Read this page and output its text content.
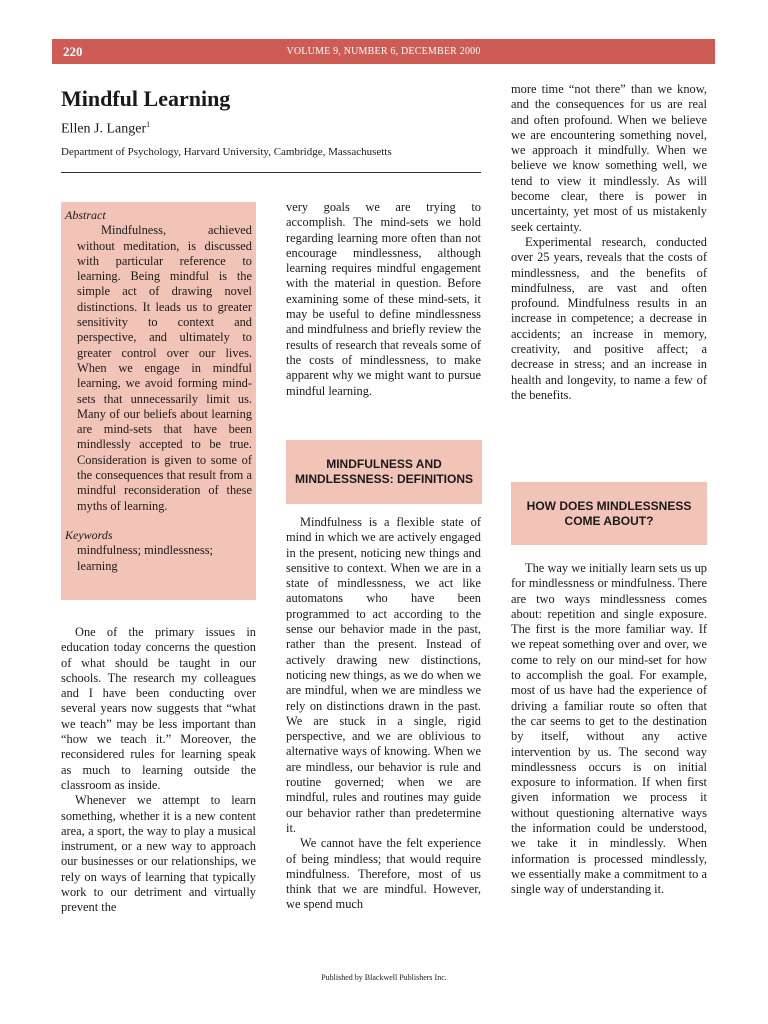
220	VOLUME 9, NUMBER 6, DECEMBER 2000
Mindful Learning
Ellen J. Langer$^1$
Department of Psychology, Harvard University, Cambridge, Massachusetts
Abstract

Mindfulness, achieved without meditation, is discussed with particular reference to learning. Being mindful is the simple act of drawing novel distinctions. It leads us to greater sensitivity to context and perspective, and ultimately to greater control over our lives. When we engage in mindful learning, we avoid forming mind-sets that unnecessarily limit us. Many of our beliefs about learning are mind-sets that have been mindlessly accepted to be true. Consideration is given to some of the consequences that result from a mindful reconsideration of these myths of learning.

Keywords

mindfulness; mindlessness; learning

One of the primary issues in education today concerns the question of what should be taught in our schools. The research my colleagues and I have been conducting over several years now suggests that “what we teach” may be less important than “how we teach it.” Moreover, the reconsidered rules for learning speak as much to learning outside the classroom as inside.

Whenever we attempt to learn something, whether it is a new content area, a sport, the way to play a musical instrument, or a new way to approach our businesses or our relationships, we rely on ways of learning that typically work to our detriment and virtually prevent the

very goals we are trying to accomplish. The mind-sets we hold regarding learning more often than not encourage mindlessness, although learning requires mindful engagement with the material in question. Before examining some of these mind-sets, it may be useful to define mindlessness and mindfulness and briefly review the results of research that reveals some of the costs of mindlessness, to make apparent why we might want to pursue mindful learning.

MINDFULNESS AND MINDLESSNESS: DEFINITIONS

Mindfulness is a flexible state of mind in which we are actively engaged in the present, noticing new things and sensitive to context. When we are in a state of mindlessness, we act like automatons who have been programmed to act according to the sense our behavior made in the past, rather than the present. Instead of actively drawing new distinctions, noticing new things, as we do when we are mindful, when we are mindless we rely on distinctions drawn in the past. We are stuck in a single, rigid perspective, and we are oblivious to alternative ways of knowing. When we are mindless, our behavior is rule and routine governed; when we are mindful, rules and routines may guide our behavior rather than predetermine it.

We cannot have the felt experience of being mindless; that would require mindfulness. Therefore, most of us think that we are mindful. However, we spend much

more time “not there” than we know, and the consequences for us are real and often profound. When we believe we are encountering something novel, we approach it mindfully. When we believe we know something well, we tend to view it mindlessly. As will become clear, there is power in uncertainty, yet most of us mistakenly seek certainty.

Experimental research, conducted over 25 years, reveals that the costs of mindlessness, and the benefits of mindfulness, are vast and often profound. Mindfulness results in an increase in competence; a decrease in accidents; an increase in memory, creativity, and positive affect; a decrease in stress; and an increase in health and longevity, to name a few of the benefits.

HOW DOES MINDLESSNESS COME ABOUT?

The way we initially learn sets us up for mindlessness or mindfulness. There are two ways mindlessness comes about: repetition and single exposure. The first is the more familiar way. If we repeat something over and over, we come to rely on our mind-set for how to accomplish the goal. For example, most of us have had the experience of driving a familiar route so often that the car seems to get to the destination by itself, without any active intervention by us. The second way mindlessness occurs is on initial exposure to information. If when first given information we process it without questioning alternative ways the information could be understood, we take it in mindlessly. When information is processed mindlessly, we essentially make a commitment to a single way of understanding it.

Published by Blackwell Publishers Inc.
